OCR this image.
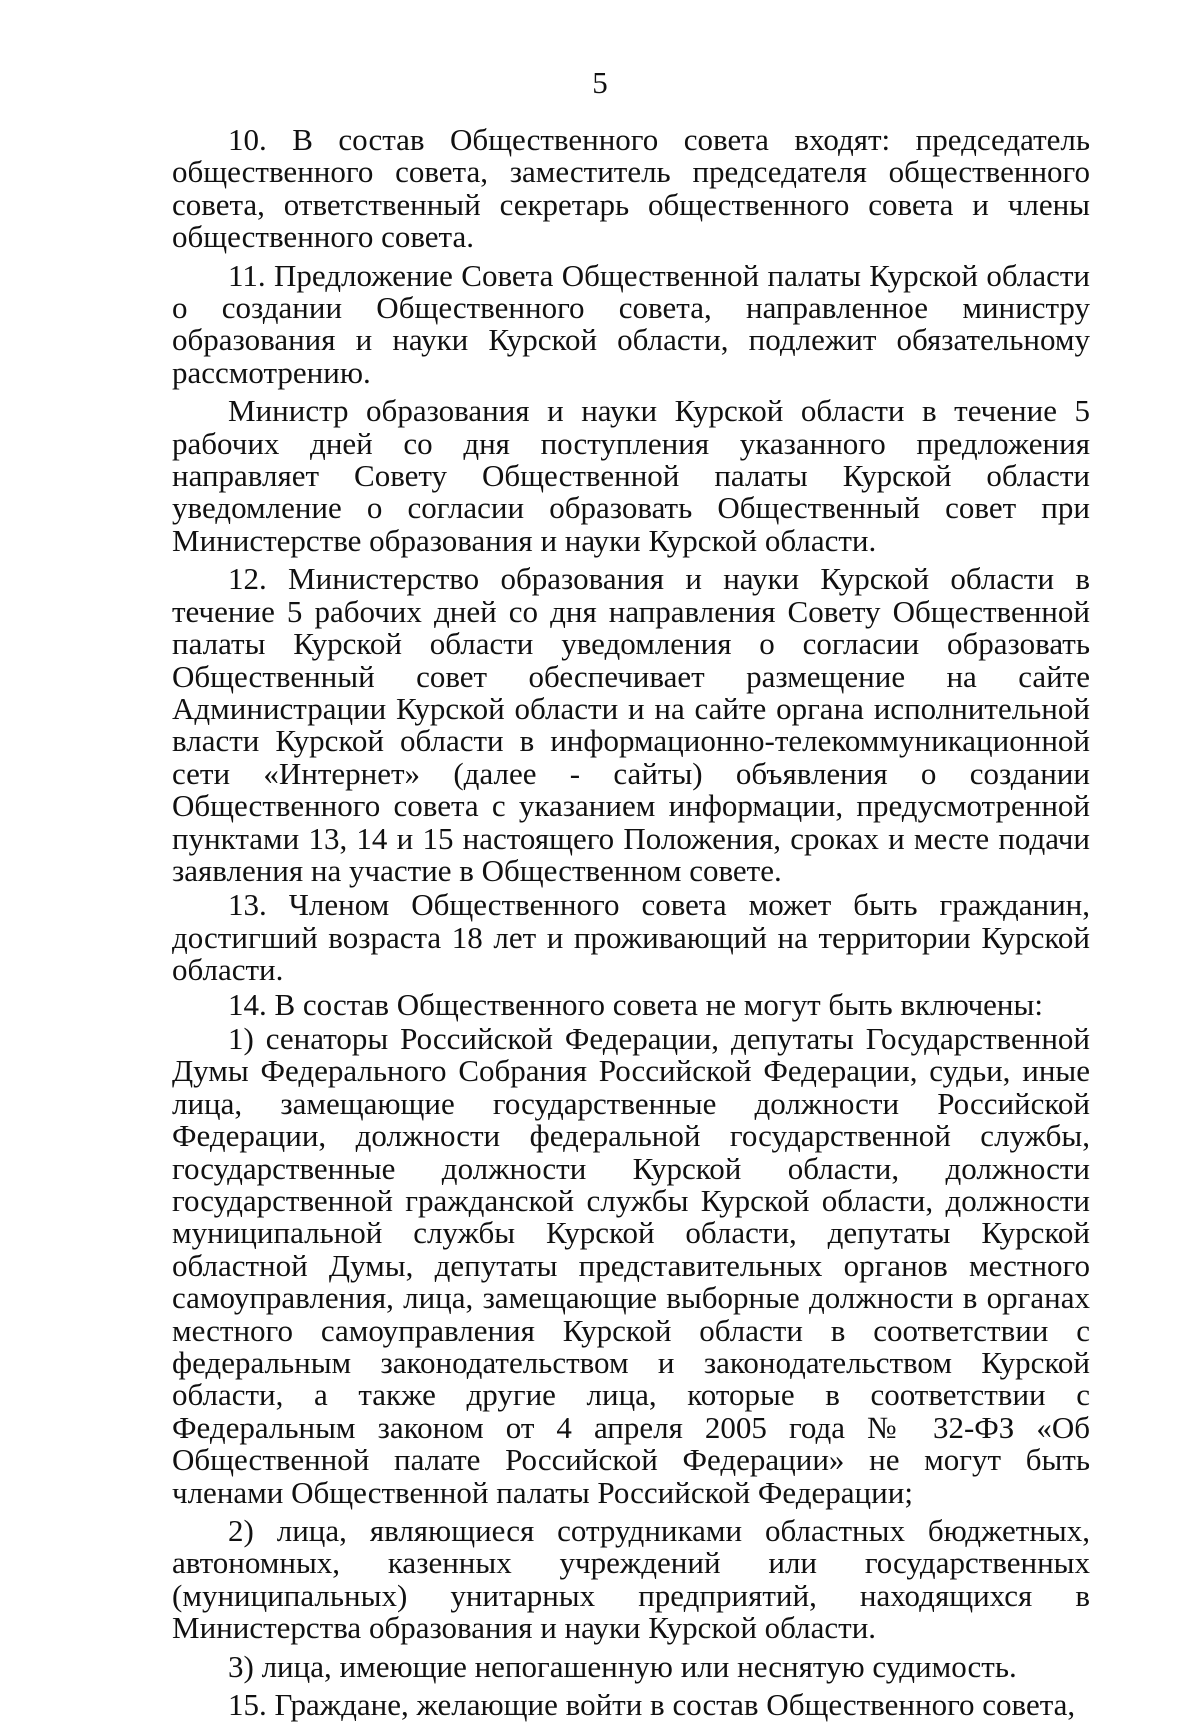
5

10. В состав Общественного совета входят: председатель общественного совета, заместитель председателя общественного совета, ответственный секретарь общественного совета и члены общественного совета.

11. Предложение Совета Общественной палаты Курской области о создании Общественного совета, направленное министру образования и науки Курской области, подлежит обязательному рассмотрению.

Министр образования и науки Курской области в течение 5 рабочих дней со дня поступления указанного предложения направляет Совету Общественной палаты Курской области уведомление о согласии образовать Общественный совет при Министерстве образования и науки Курской области.

12. Министерство образования и науки Курской области в течение 5 рабочих дней со дня направления Совету Общественной палаты Курской области уведомления о согласии образовать Общественный совет обеспечивает размещение на сайте Администрации Курской области и на сайте органа исполнительной власти Курской области в информационно-телекоммуникационной сети «Интернет» (далее - сайты) объявления о создании Общественного совета с указанием информации, предусмотренной пунктами 13, 14 и 15 настоящего Положения, сроках и месте подачи заявления на участие в Общественном совете.

13. Членом Общественного совета может быть гражданин, достигший возраста 18 лет и проживающий на территории Курской области.

14. В состав Общественного совета не могут быть включены:

1) сенаторы Российской Федерации, депутаты Государственной Думы Федерального Собрания Российской Федерации, судьи, иные лица, замещающие государственные должности Российской Федерации, должности федеральной государственной службы, государственные должности Курской области, должности государственной гражданской службы Курской области, должности муниципальной службы Курской области, депутаты Курской областной Думы, депутаты представительных органов местного самоуправления, лица, замещающие выборные должности в органах местного самоуправления Курской области в соответствии с федеральным законодательством и законодательством Курской области, а также другие лица, которые в соответствии с Федеральным законом от 4 апреля 2005 года № 32-ФЗ «Об Общественной палате Российской Федерации» не могут быть членами Общественной палаты Российской Федерации;

2) лица, являющиеся сотрудниками областных бюджетных, автономных, казенных учреждений или государственных (муниципальных) унитарных предприятий, находящихся в Министерства образования и науки Курской области.

3) лица, имеющие непогашенную или неснятую судимость.

15. Граждане, желающие войти в состав Общественного совета,
